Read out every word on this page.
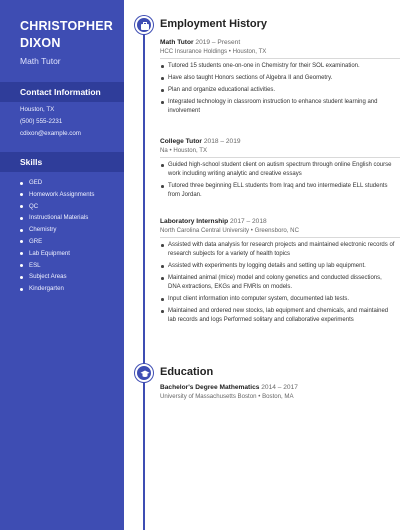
CHRISTOPHER DIXON
Math Tutor
Contact Information
Houston, TX
(500) 555-2231
cdixon@example.com
Skills
GED
Homework Assignments
QC
Instructional Materials
Chemistry
GRE
Lab Equipment
ESL
Subject Areas
Kindergarten
Employment History
Math Tutor 2019 – Present
HCC Insurance Holdings • Houston, TX
Tutored 15 students one-on-one in Chemistry for their SOL examination.
Have also taught Honors sections of Algebra II and Geometry.
Plan and organize educational activities.
Integrated technology in classroom instruction to enhance student learning and involvement
College Tutor 2018 – 2019
Na • Houston, TX
Guided high-school student client on autism spectrum through online English course work including writing analytic and creative essays
Tutored three beginning ELL students from Iraq and two intermediate ELL students from Jordan.
Laboratory Internship 2017 – 2018
North Carolina Central University • Greensboro, NC
Assisted with data analysis for research projects and maintained electronic records of research subjects for a variety of health topics
Assisted with experiments by logging details and setting up lab equipment.
Maintained animal (mice) model and colony genetics and conducted dissections, DNA extractions, EKGs and FMRIs on models.
Input client information into computer system, documented lab tests.
Maintained and ordered new stocks, lab equipment and chemicals, and maintained lab records and logs Performed solitary and collaborative experiments
Education
Bachelor's Degree Mathematics 2014 – 2017
University of Massachusetts Boston • Boston, MA
